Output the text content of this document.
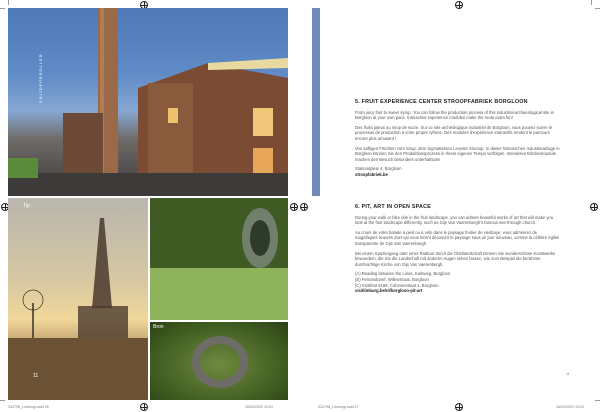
SNIJDEPEROLLER
Tip
11
Bron
5. FRUIT EXPERIENCE CENTER STROOPFABRIEK BORGLOON

From juicy fruit to sweet syrup. You can follow the production process of this industrial-archaeological site in Borgloon at your own pace. Interactive experience modules make the route extra fun!

Des fruits juteux au sirop de sucre. Sur ce site archéologique industriel de Borgloon, vous pouvez suivre le processus de production à votre propre rythme. Des modules d'expérience interactifs rendent le parcours encore plus amusant !

Von saftigen Früchten zum Sirup: dem Sigmattersen Leveste Sirunop. In dieser historischen Industrieanlage in Borgloon können Sie den Produktionsprozess in Ihrem eigenen Tempo verfolgen. Interaktive Erlebnismodule machen den Besuch besonders unterhaltsam!

Stationsplein 4, Borgloon
stroopfabriek.be
6. PIT, ART IN OPEN SPACE

During your walk or bike ride in the fruit landscape, you can admire beautiful works of art that will make you look at the fruit landscape differently, such as Gijs Van Vaerenbergh's famous see-through church.

Au cours de votre balade à pied ou à vélo dans le paysage fruitier de Hesbaye, vous admirerez de magnifiques œuvres d'art qui vous feront découvrir le paysage sous un jour nouveau, comme la célèbre église transparente de Gijs Van Vaerenbergh.

Bei einem Spaziergang oder einer Radtour durch die Obstlandschaft können Sie wunderschöne Kunstwerke bewundern, die Sie die Landschaft mit anderen Augen sehen lassen, wie zum Beispiel die berühmte durchsichtige Kirche von Gijs Van Vaerenbergh.

(A) Reading between the Lines, Karkweg, Borgloon
(B) Fernandonef, Willenstraat, Borgloon
(C) Kristfest €188, Colonnestraat 1, Borgloon
visitlimburg.be/nl/borgloon-pit-art
11
333798_Limburgi.indd 26	16/02/2022 10:01	333798_Limburgi.indd 27	16/02/2022 10:01
